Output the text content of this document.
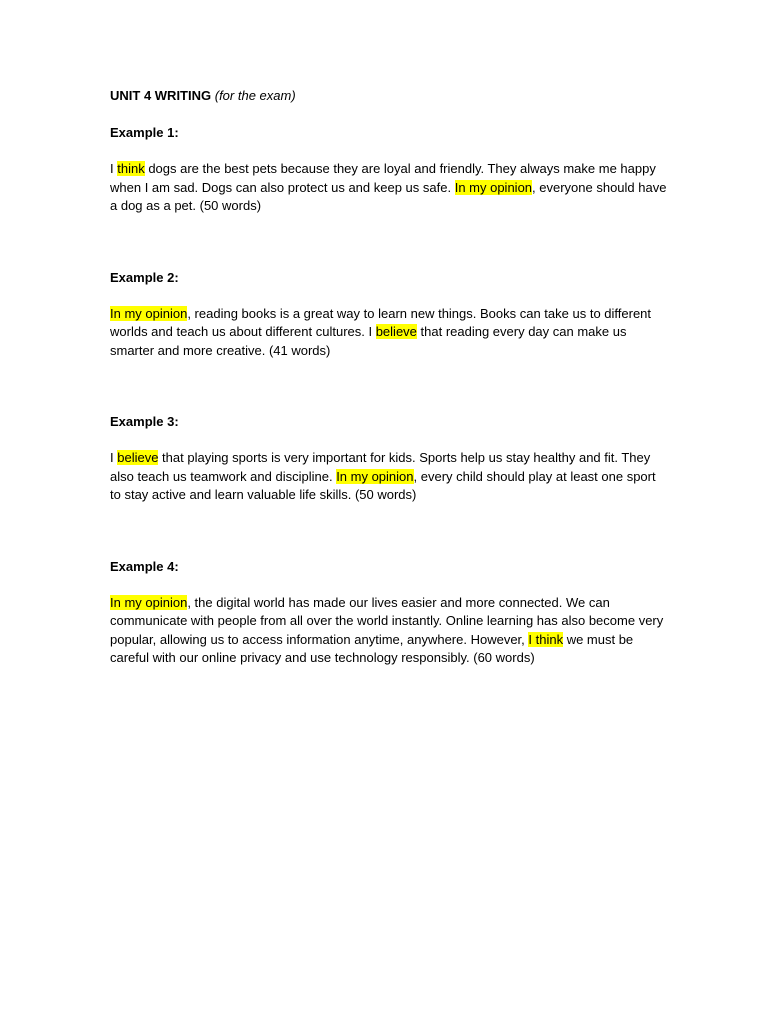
UNIT 4 WRITING (for the exam)

Example 1:

I think dogs are the best pets because they are loyal and friendly. They always make me happy when I am sad. Dogs can also protect us and keep us safe. In my opinion, everyone should have a dog as a pet. (50 words)

Example 2:

In my opinion, reading books is a great way to learn new things. Books can take us to different worlds and teach us about different cultures. I believe that reading every day can make us smarter and more creative. (41 words)

Example 3:

I believe that playing sports is very important for kids. Sports help us stay healthy and fit. They also teach us teamwork and discipline. In my opinion, every child should play at least one sport to stay active and learn valuable life skills. (50 words)

Example 4:

In my opinion, the digital world has made our lives easier and more connected. We can communicate with people from all over the world instantly. Online learning has also become very popular, allowing us to access information anytime, anywhere. However, I think we must be careful with our online privacy and use technology responsibly. (60 words)
